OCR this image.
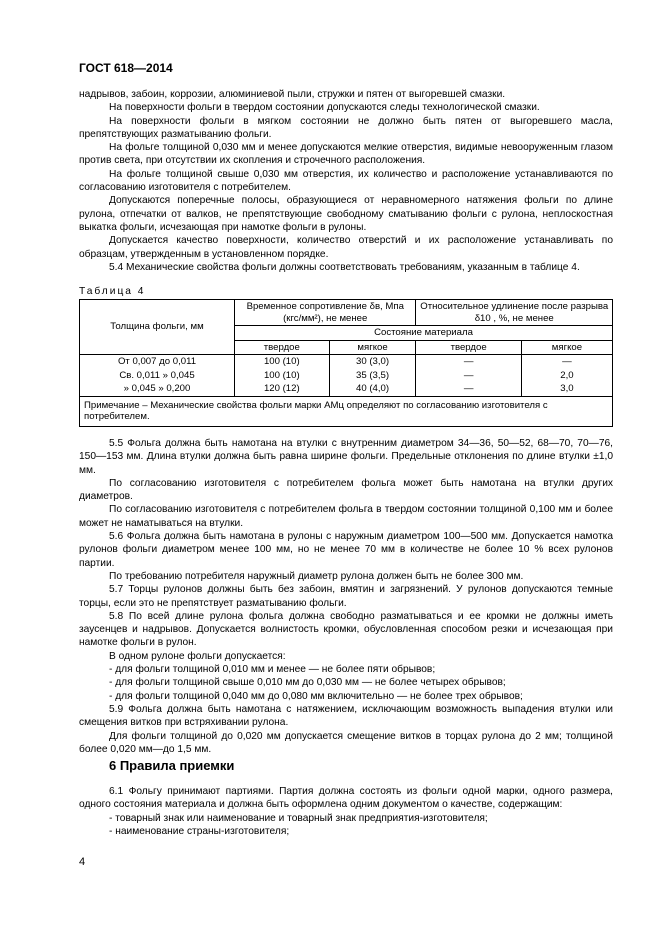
ГОСТ 618—2014

надрывов, забоин, коррозии, алюминиевой пыли, стружки и пятен от выгоревшей смазки.

На поверхности фольги в твердом состоянии допускаются следы технологической смазки.

На поверхности фольги в мягком состоянии не должно быть пятен от выгоревшего масла, препятствующих разматыванию фольги.

На фольге толщиной 0,030 мм и менее допускаются мелкие отверстия, видимые невооруженным глазом против света, при отсутствии их скопления и строчечного расположения.

На фольге толщиной свыше 0,030 мм отверстия, их количество и расположение устанавливаются по согласованию изготовителя с потребителем.

Допускаются поперечные полосы, образующиеся от неравномерного натяжения фольги по длине рулона, отпечатки от валков, не препятствующие свободному сматыванию фольги с рулона, неплоскостная выкатка фольги, исчезающая при намотке фольги в рулоны.

Допускается качество поверхности, количество отверстий и их расположение устанавливать по образцам, утвержденным в установленном порядке.

5.4 Механические свойства фольги должны соответствовать требованиям, указанным в таблице 4.

Таблица 4
Толщина фольги, мм	Временное сопротивление δв, Мпа (кгс/мм²), не менее		Относительное удлинение после разрыва δ10 , %, не менее	
	Состояние материала			
	твердое	мягкое	твердое	мягкое
От 0,007 до 0,011	100 (10)	30 (3,0)	—	—
Св. 0,011 » 0,045	100 (10)	35 (3,5)	—	2,0
» 0,045 » 0,200	120 (12)	40 (4,0)	—	3,0
Примечание – Механические свойства фольги марки АМц определяют по согласованию изготовителя с потребителем.				

5.5 Фольга должна быть намотана на втулки с внутренним диаметром 34—36, 50—52, 68—70, 70—76, 150—153 мм. Длина втулки должна быть равна ширине фольги. Предельные отклонения по длине втулки ±1,0 мм.

По согласованию изготовителя с потребителем фольга может быть намотана на втулки других диаметров.

По согласованию изготовителя с потребителем фольга в твердом состоянии толщиной 0,100 мм и более может не наматываться на втулки.

5.6 Фольга должна быть намотана в рулоны с наружным диаметром 100—500 мм. Допускается намотка рулонов фольги диаметром менее 100 мм, но не менее 70 мм в количестве не более 10 % всех рулонов партии.

По требованию потребителя наружный диаметр рулона должен быть не более 300 мм.

5.7 Торцы рулонов должны быть без забоин, вмятин и загрязнений. У рулонов допускаются темные торцы, если это не препятствует разматыванию фольги.

5.8 По всей длине рулона фольга должна свободно разматываться и ее кромки не должны иметь заусенцев и надрывов. Допускается волнистость кромки, обусловленная способом резки и исчезающая при намотке фольги в рулон.

В одном рулоне фольги допускается:

- для фольги толщиной 0,010 мм и менее — не более пяти обрывов;

- для фольги толщиной свыше 0,010 мм до 0,030 мм — не более четырех обрывов;

- для фольги толщиной 0,040 мм до 0,080 мм включительно — не более трех обрывов;

5.9 Фольга должна быть намотана с натяжением, исключающим возможность выпадения втулки или смещения витков при встряхивании рулона.

Для фольги толщиной до 0,020 мм допускается смещение витков в торцах рулона до 2 мм; толщиной более 0,020 мм—до 1,5 мм.

6 Правила приемки

6.1 Фольгу принимают партиями. Партия должна состоять из фольги одной марки, одного размера, одного состояния материала и должна быть оформлена одним документом о качестве, содержащим:

- товарный знак или наименование и товарный знак предприятия-изготовителя;

- наименование страны-изготовителя;

4
